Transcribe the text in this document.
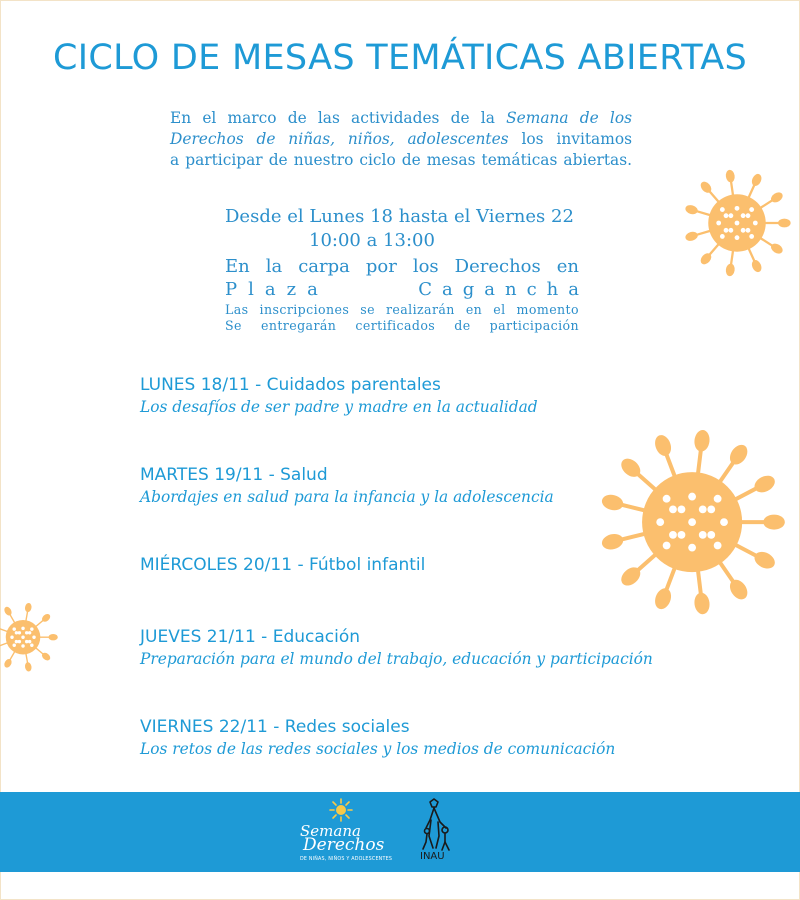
CICLO DE MESAS TEMÁTICAS ABIERTAS
En el marco de las actividades de la Semana de los
Derechos de niñas, niños, adolescentes los invitamos
a participar de nuestro ciclo de mesas temáticas abiertas.
Desde el Lunes 18 hasta el Viernes 22
10:00 a 13:00
En la carpa por los Derechos en
Plaza	Cagancha
Las inscripciones se realizarán en el momento
Se entregarán certificados de participación
LUNES 18/11 - Cuidados parentales
Los desafíos de ser padre y madre en la actualidad
MARTES 19/11 - Salud
Abordajes en salud para la infancia y la adolescencia
MIÉRCOLES 20/11 - Fútbol infantil
JUEVES 21/11 - Educación
Preparación para el mundo del trabajo, educación y participación
VIERNES 22/11 - Redes sociales
Los retos de las redes sociales y los medios de comunicación
Semana
Derechos
DE NIÑAS, NIÑOS Y ADOLESCENTES	INAU
